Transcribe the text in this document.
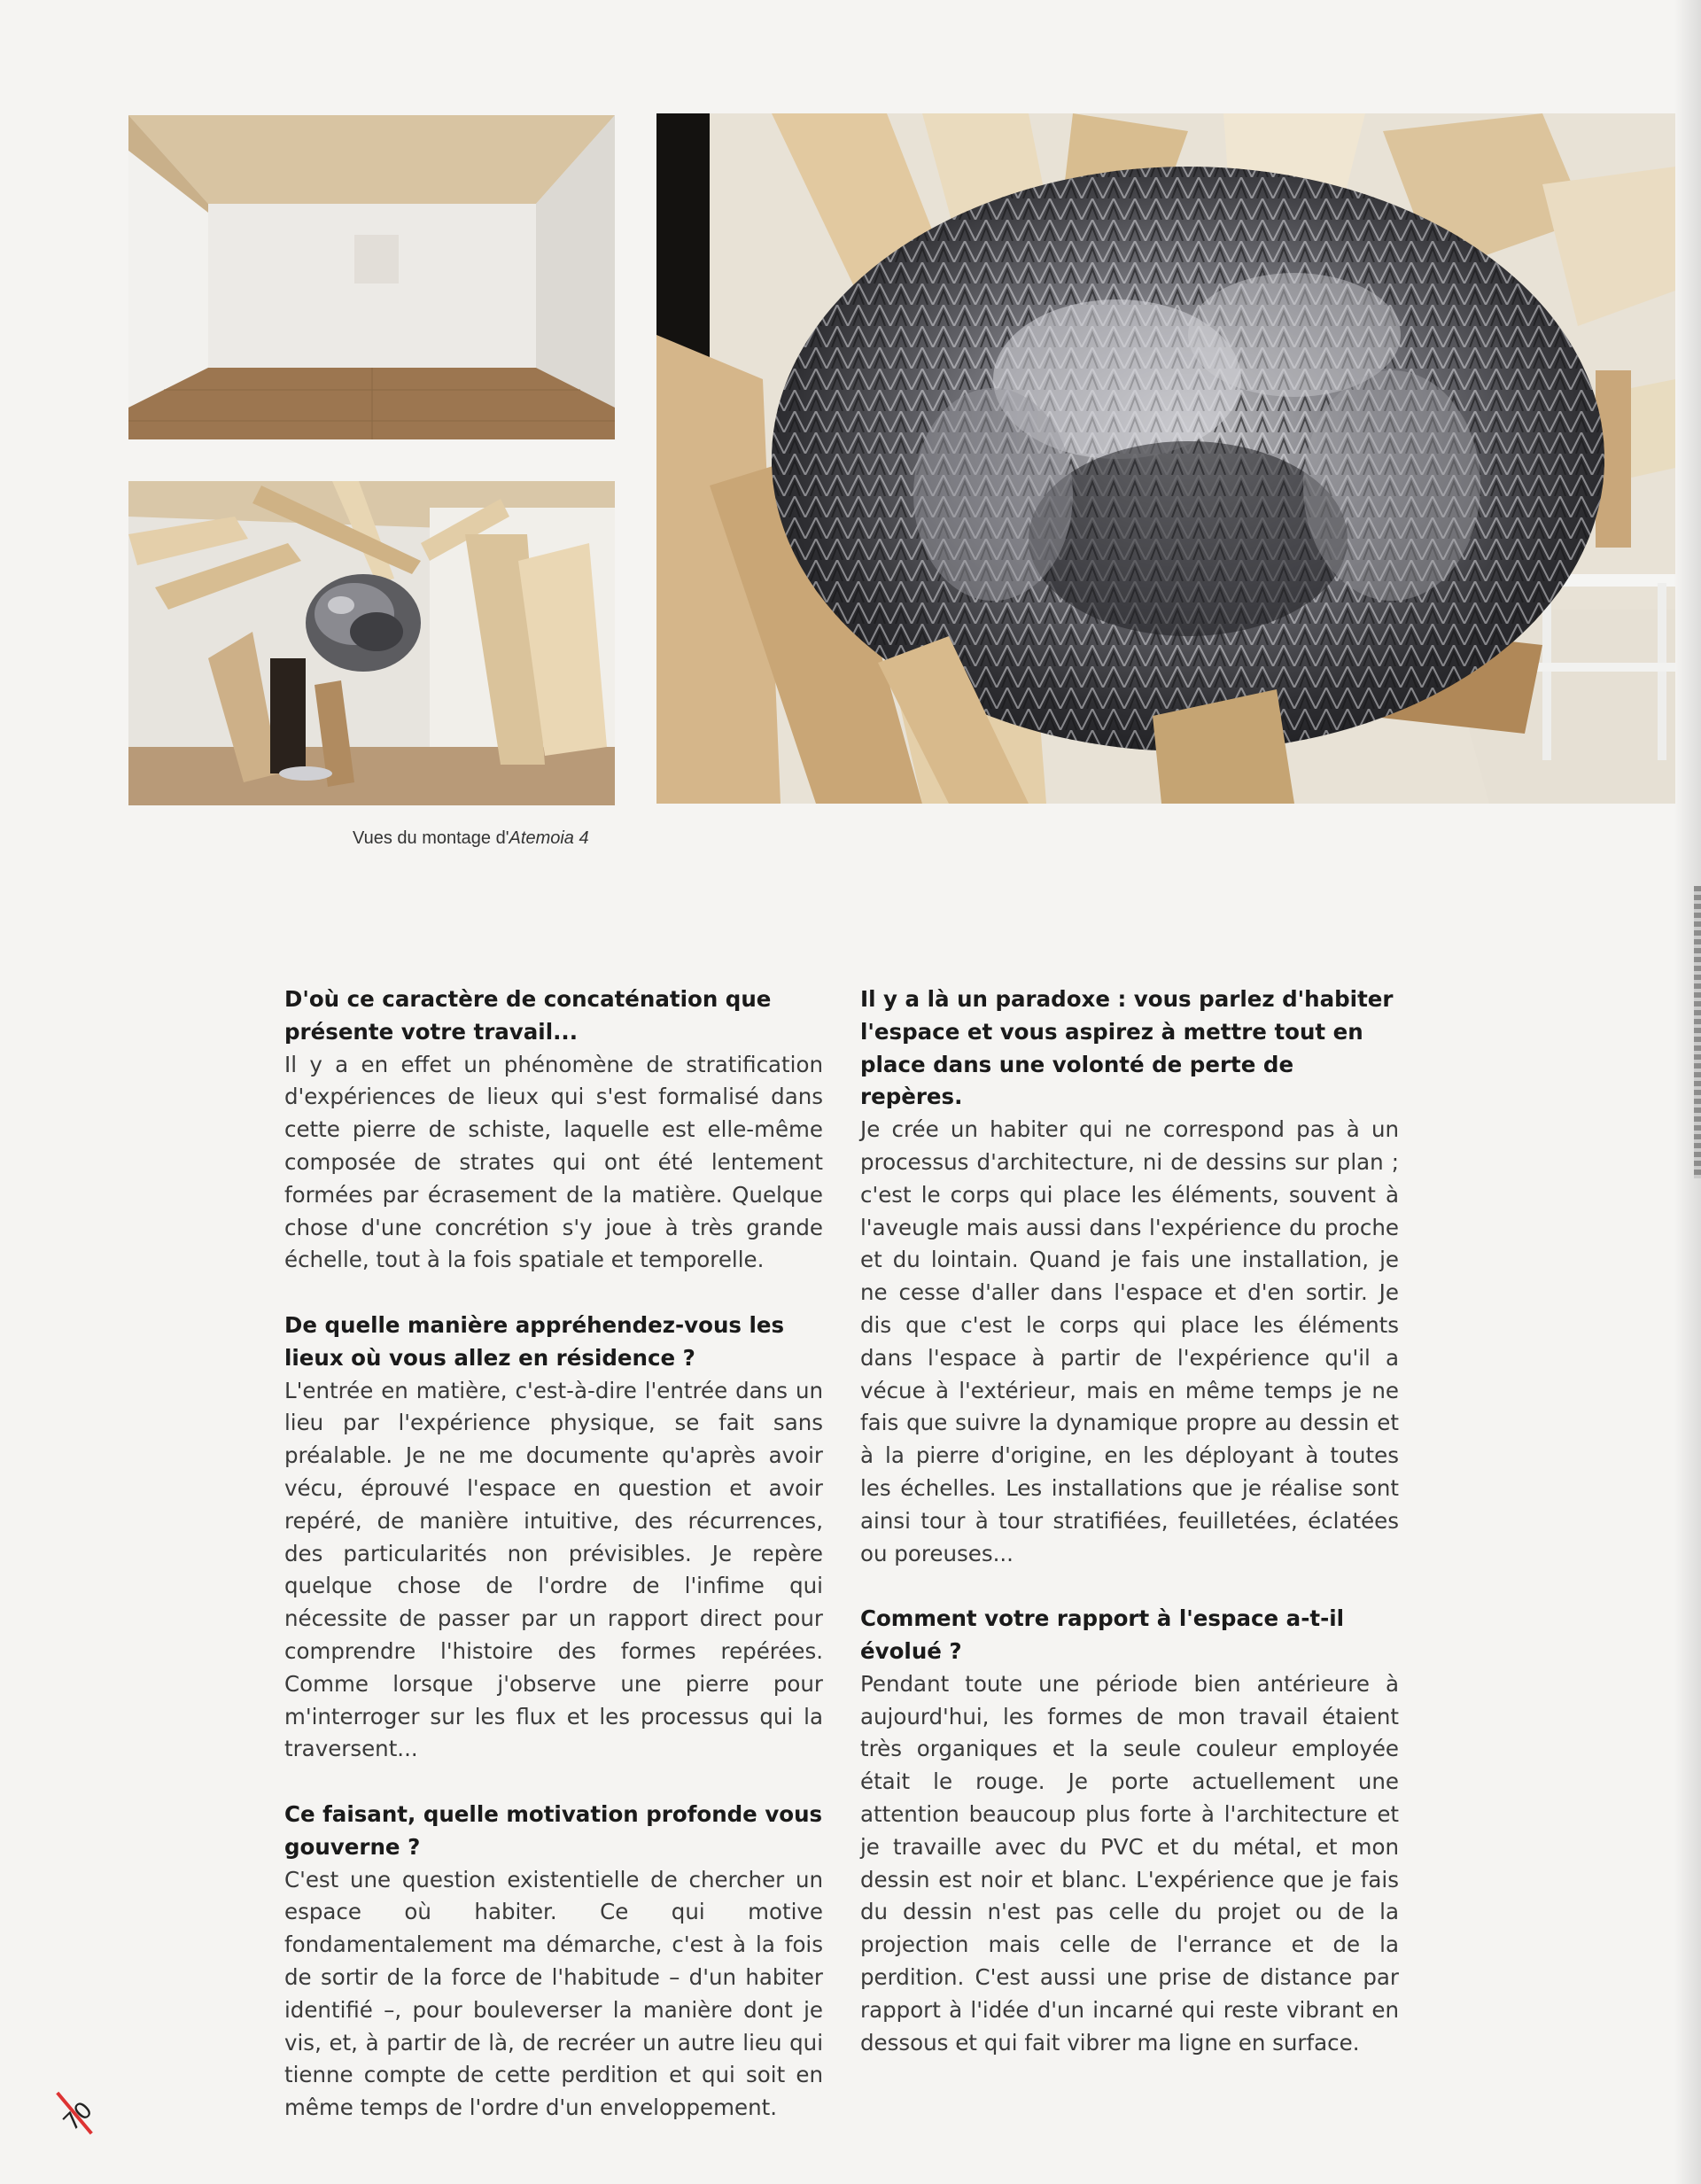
Vues du montage d'Atemoia 4

D'où ce caractère de concaténation que présente votre travail...

Il y a en effet un phénomène de stratification d'expériences de lieux qui s'est formalisé dans cette pierre de schiste, laquelle est elle-même composée de strates qui ont été lentement formées par écrasement de la matière. Quelque chose d'une concrétion s'y joue à très grande échelle, tout à la fois spatiale et temporelle.

De quelle manière appréhendez-vous les lieux où vous allez en résidence ?

L'entrée en matière, c'est-à-dire l'entrée dans un lieu par l'expérience physique, se fait sans préalable. Je ne me documente qu'après avoir vécu, éprouvé l'espace en question et avoir repéré, de manière intuitive, des récurrences, des particularités non prévisibles. Je repère quelque chose de l'ordre de l'infime qui nécessite de passer par un rapport direct pour comprendre l'histoire des formes repérées. Comme lorsque j'observe une pierre pour m'interroger sur les flux et les processus qui la traversent...

Ce faisant, quelle motivation profonde vous gouverne ?

C'est une question existentielle de chercher un espace où habiter. Ce qui motive fondamentalement ma démarche, c'est à la fois de sortir de la force de l'habitude – d'un habiter identifié –, pour bouleverser la manière dont je vis, et, à partir de là, de recréer un autre lieu qui tienne compte de cette perdition et qui soit en même temps de l'ordre d'un enveloppement.

Il y a là un paradoxe : vous parlez d'habiter l'espace et vous aspirez à mettre tout en place dans une volonté de perte de repères.

Je crée un habiter qui ne correspond pas à un processus d'architecture, ni de dessins sur plan ; c'est le corps qui place les éléments, souvent à l'aveugle mais aussi dans l'expérience du proche et du lointain. Quand je fais une installation, je ne cesse d'aller dans l'espace et d'en sortir. Je dis que c'est le corps qui place les éléments dans l'espace à partir de l'expérience qu'il a vécue à l'extérieur, mais en même temps je ne fais que suivre la dynamique propre au dessin et à la pierre d'origine, en les déployant à toutes les échelles. Les installations que je réalise sont ainsi tour à tour stratifiées, feuilletées, éclatées ou poreuses...

Comment votre rapport à l'espace a-t-il évolué ?

Pendant toute une période bien antérieure à aujourd'hui, les formes de mon travail étaient très organiques et la seule couleur employée était le rouge. Je porte actuellement une attention beaucoup plus forte à l'architecture et je travaille avec du PVC et du métal, et mon dessin est noir et blanc. L'expérience que je fais du dessin n'est pas celle du projet ou de la projection mais celle de l'errance et de la perdition. C'est aussi une prise de distance par rapport à l'idée d'un incarné qui reste vibrant en dessous et qui fait vibrer ma ligne en surface.

70
